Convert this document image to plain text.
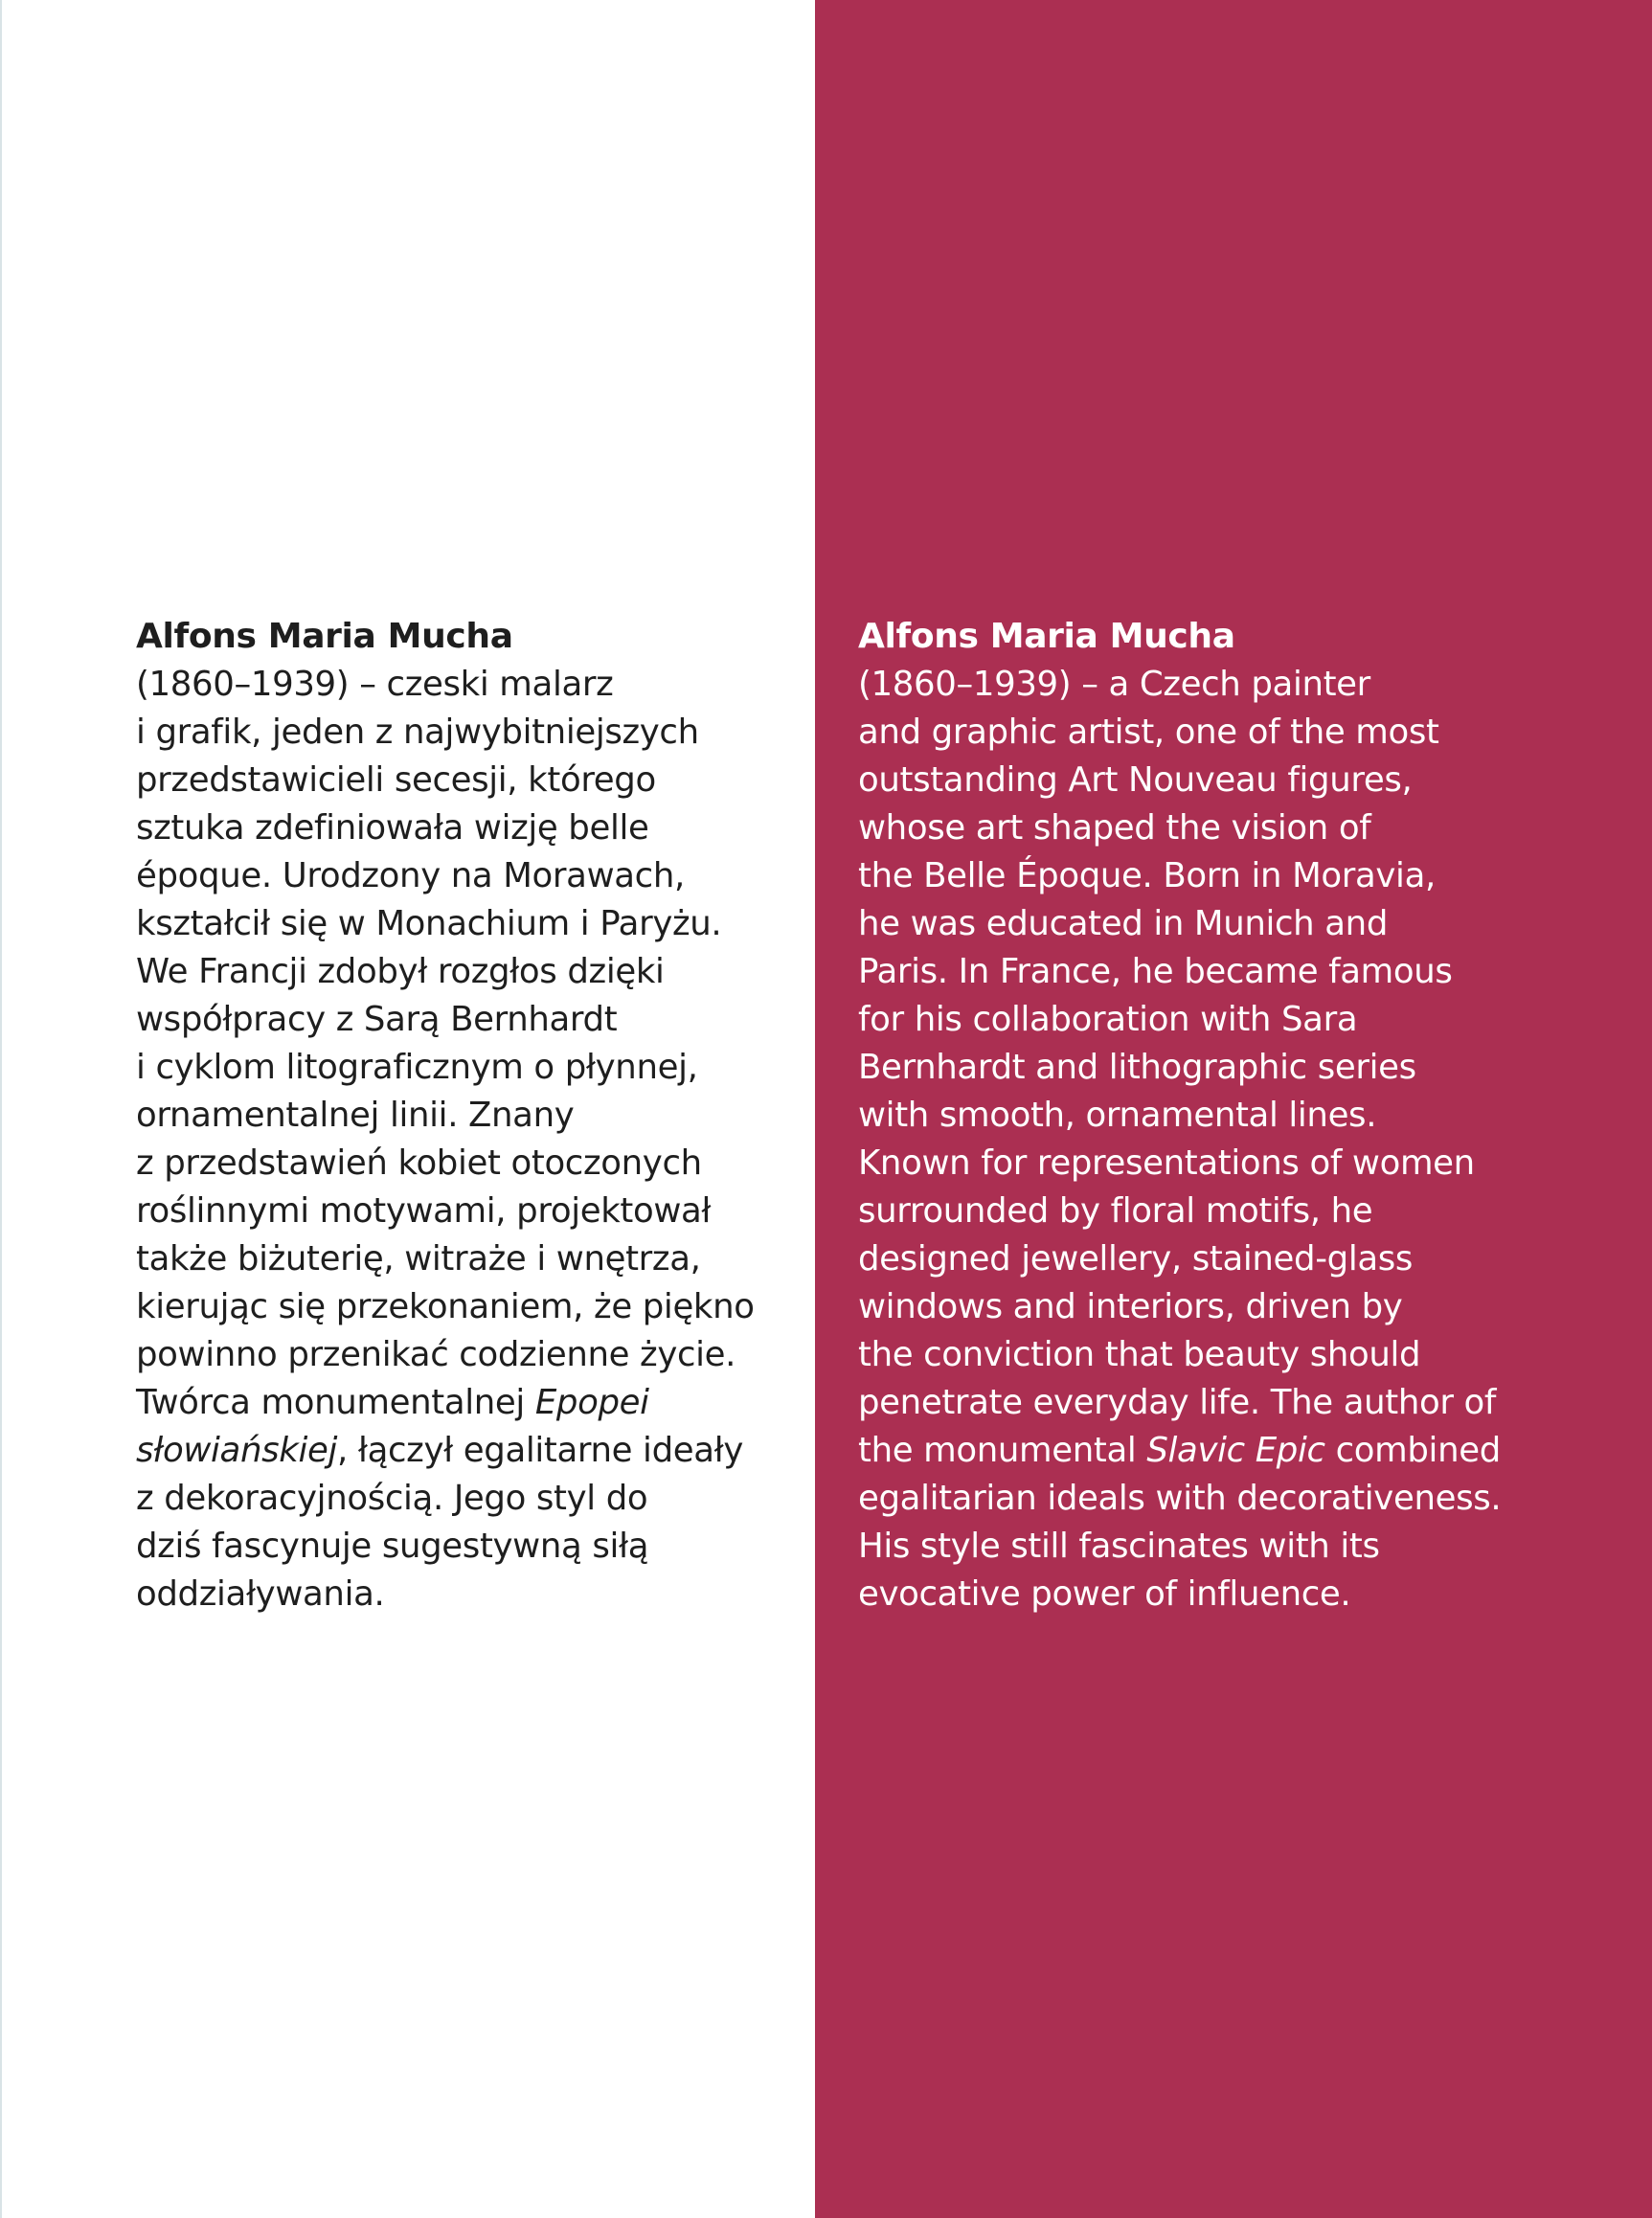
Alfons Maria Mucha

(1860–1939) – czeski malarz
i grafik, jeden z najwybitniejszych
przedstawicieli secesji, którego
sztuka zdefiniowała wizję belle
époque. Urodzony na Morawach,
kształcił się w Monachium i Paryżu.
We Francji zdobył rozgłos dzięki
współpracy z Sarą Bernhardt
i cyklom litograficznym o płynnej,
ornamentalnej linii. Znany
z przedstawień kobiet otoczonych
roślinnymi motywami, projektował
także biżuterię, witraże i wnętrza,
kierując się przekonaniem, że piękno
powinno przenikać codzienne życie.
Twórca monumentalnej Epopei
słowiańskiej, łączył egalitarne ideały
z dekoracyjnością. Jego styl do
dziś fascynuje sugestywną siłą
oddziaływania.

Alfons Maria Mucha

(1860–1939) – a Czech painter
and graphic artist, one of the most
outstanding Art Nouveau figures,
whose art shaped the vision of
the Belle Époque. Born in Moravia,
he was educated in Munich and
Paris. In France, he became famous
for his collaboration with Sara
Bernhardt and lithographic series
with smooth, ornamental lines.
Known for representations of women
surrounded by floral motifs, he
designed jewellery, stained-glass
windows and interiors, driven by
the conviction that beauty should
penetrate everyday life. The author of
the monumental Slavic Epic combined
egalitarian ideals with decorativeness.
His style still fascinates with its
evocative power of influence.
